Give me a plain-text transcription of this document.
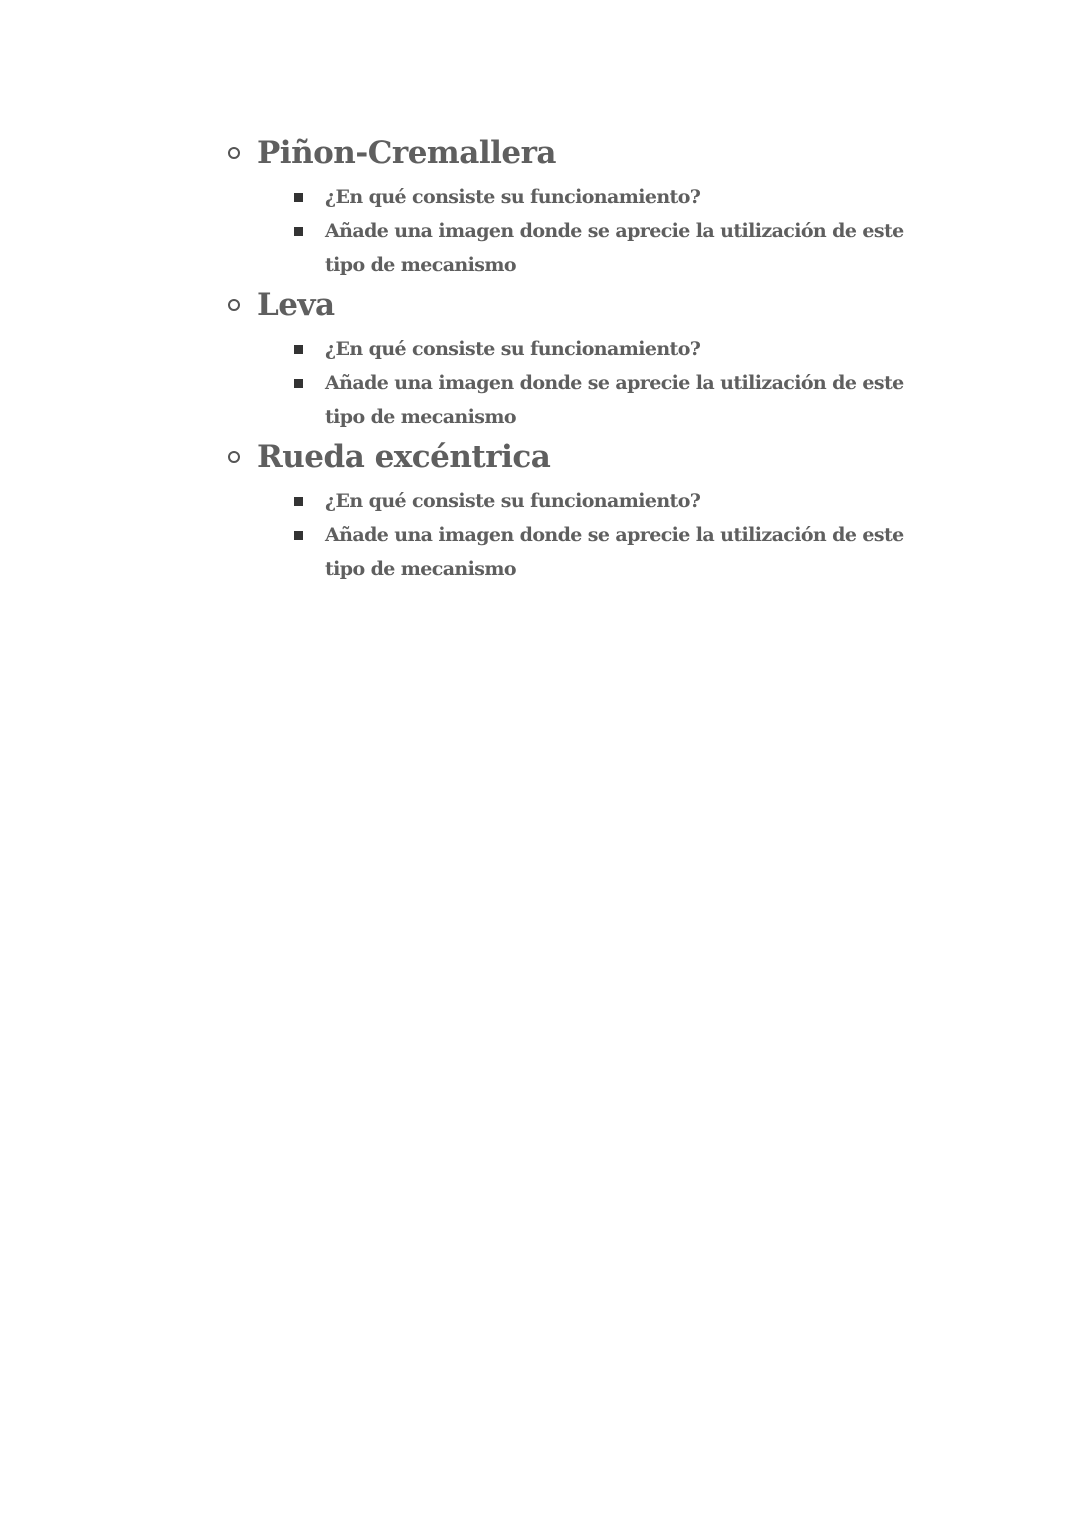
Piñon-Cremallera
¿En qué consiste su funcionamiento?
Añade una imagen donde se aprecie la utilización de este tipo de mecanismo
Leva
¿En qué consiste su funcionamiento?
Añade una imagen donde se aprecie la utilización de este tipo de mecanismo
Rueda excéntrica
¿En qué consiste su funcionamiento?
Añade una imagen donde se aprecie la utilización de este tipo de mecanismo
